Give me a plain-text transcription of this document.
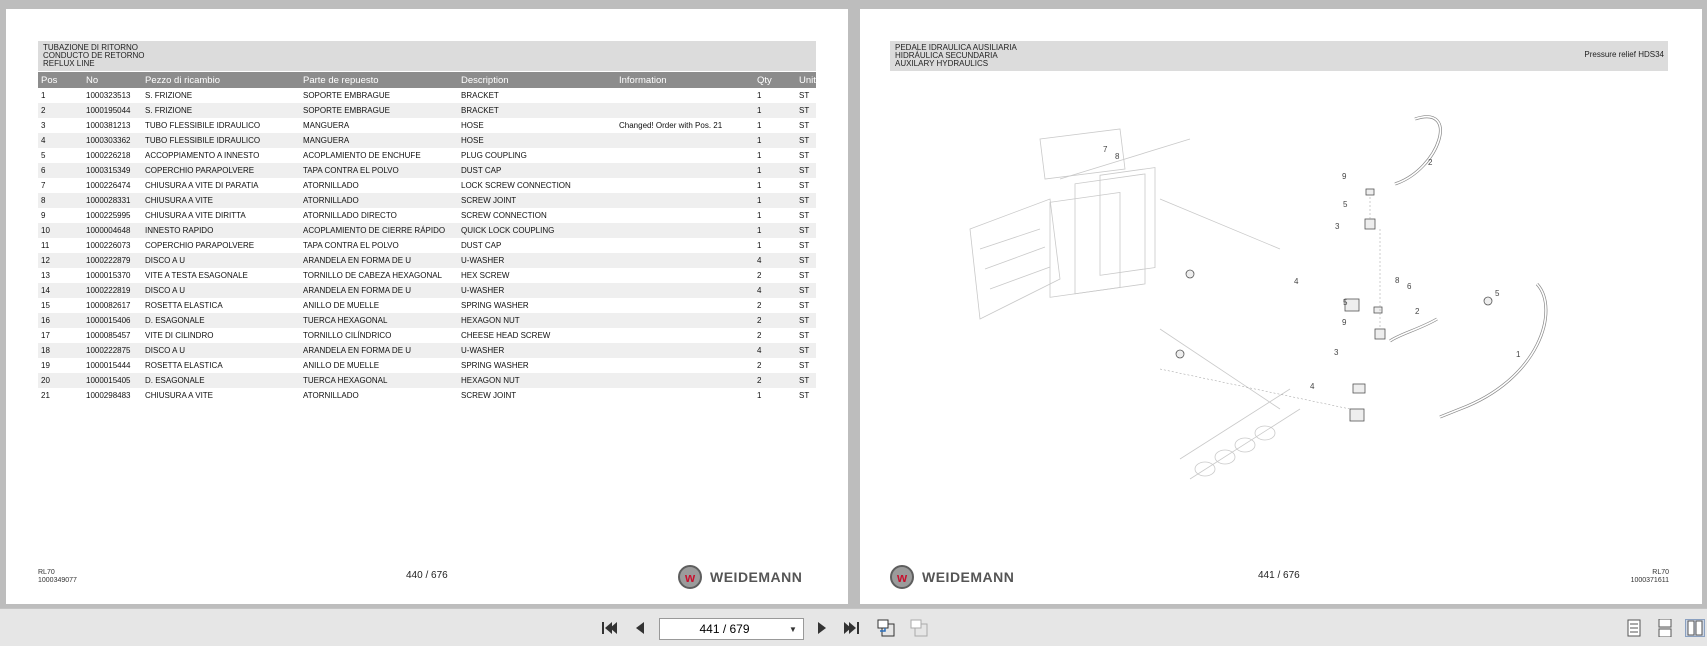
TUBAZIONE DI RITORNO
CONDUCTO DE RETORNO
REFLUX LINE
Pos	No	Pezzo di ricambio	Parte de repuesto	Description	Information	Qty	Unit
1	1000323513	S. FRIZIONE	SOPORTE EMBRAGUE	BRACKET		1	ST
2	1000195044	S. FRIZIONE	SOPORTE EMBRAGUE	BRACKET		1	ST
3	1000381213	TUBO FLESSIBILE IDRAULICO	MANGUERA	HOSE	Changed! Order with Pos. 21	1	ST
4	1000303362	TUBO FLESSIBILE IDRAULICO	MANGUERA	HOSE		1	ST
5	1000226218	ACCOPPIAMENTO A INNESTO	ACOPLAMIENTO DE ENCHUFE	PLUG COUPLING		1	ST
6	1000315349	COPERCHIO PARAPOLVERE	TAPA CONTRA EL POLVO	DUST CAP		1	ST
7	1000226474	CHIUSURA A VITE DI PARATIA	ATORNILLADO	LOCK SCREW CONNECTION		1	ST
8	1000028331	CHIUSURA A VITE	ATORNILLADO	SCREW JOINT		1	ST
9	1000225995	CHIUSURA A VITE DIRITTA	ATORNILLADO DIRECTO	SCREW CONNECTION		1	ST
10	1000004648	INNESTO RAPIDO	ACOPLAMIENTO DE CIERRE RÁPIDO	QUICK LOCK COUPLING		1	ST
11	1000226073	COPERCHIO PARAPOLVERE	TAPA CONTRA EL POLVO	DUST CAP		1	ST
12	1000222879	DISCO A U	ARANDELA EN FORMA DE U	U-WASHER		4	ST
13	1000015370	VITE A TESTA ESAGONALE	TORNILLO DE CABEZA HEXAGONAL	HEX SCREW		2	ST
14	1000222819	DISCO A U	ARANDELA EN FORMA DE U	U-WASHER		4	ST
15	1000082617	ROSETTA ELASTICA	ANILLO DE MUELLE	SPRING WASHER		2	ST
16	1000015406	D. ESAGONALE	TUERCA HEXAGONAL	HEXAGON NUT		2	ST
17	1000085457	VITE DI CILINDRO	TORNILLO CILÍNDRICO	CHEESE HEAD SCREW		2	ST
18	1000222875	DISCO A U	ARANDELA EN FORMA DE U	U-WASHER		4	ST
19	1000015444	ROSETTA ELASTICA	ANILLO DE MUELLE	SPRING WASHER		2	ST
20	1000015405	D. ESAGONALE	TUERCA HEXAGONAL	HEXAGON NUT		2	ST
21	1000298483	CHIUSURA A VITE	ATORNILLADO	SCREW JOINT		1	ST
RL70
1000349077	440 / 676	w	WEIDEMANN
PEDALE IDRAULICA AUSILIARIA
HIDRÁULICA SECUNDARIA
AUXILARY HYDRAULICS
Pressure relief HDS34
7
8
2
9
5
3
4	8
6
5
5
2
9
1
3
4
w	WEIDEMANN	441 / 676	RL70
1000371611
441 / 679	▼
